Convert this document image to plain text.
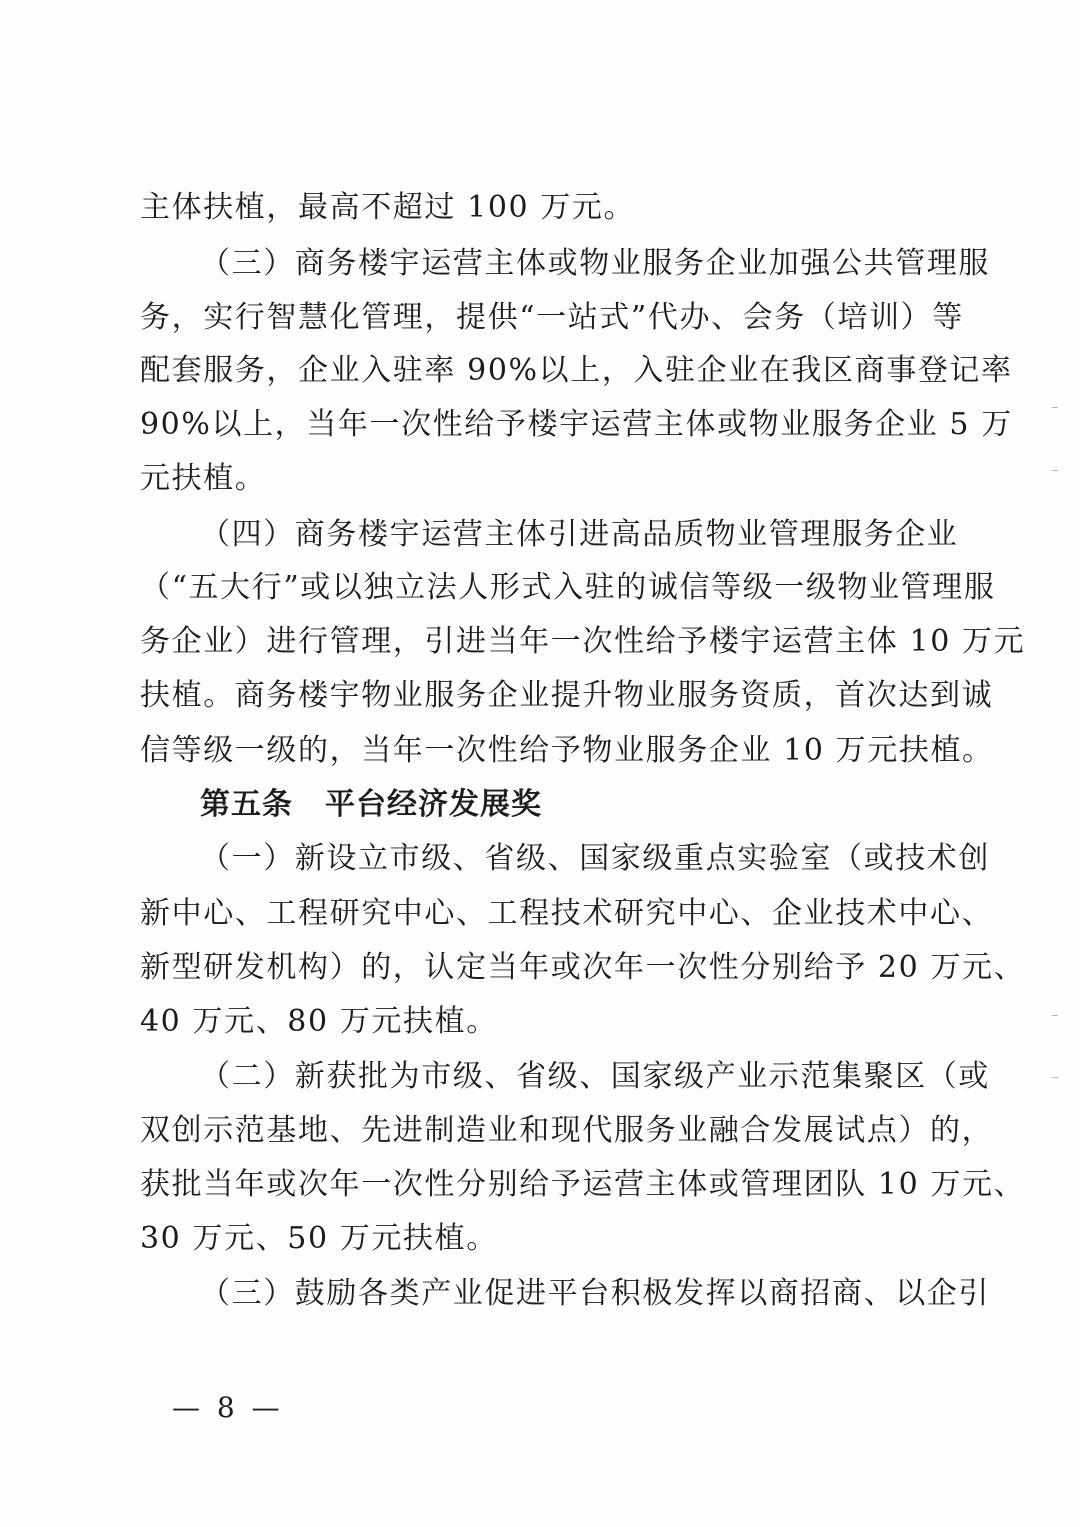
主体扶植，最高不超过 100 万元。
（三）商务楼宇运营主体或物业服务企业加强公共管理服
务，实行智慧化管理，提供“一站式”代办、会务（培训）等
配套服务，企业入驻率 90%以上，入驻企业在我区商事登记率
90%以上，当年一次性给予楼宇运营主体或物业服务企业 5 万
元扶植。
（四）商务楼宇运营主体引进高品质物业管理服务企业
（“五大行”或以独立法人形式入驻的诚信等级一级物业管理服
务企业）进行管理，引进当年一次性给予楼宇运营主体 10 万元
扶植。商务楼宇物业服务企业提升物业服务资质，首次达到诚
信等级一级的，当年一次性给予物业服务企业 10 万元扶植。
第五条 平台经济发展奖
（一）新设立市级、省级、国家级重点实验室（或技术创
新中心、工程研究中心、工程技术研究中心、企业技术中心、
新型研发机构）的，认定当年或次年一次性分别给予 20 万元、
40 万元、80 万元扶植。
（二）新获批为市级、省级、国家级产业示范集聚区（或
双创示范基地、先进制造业和现代服务业融合发展试点）的，
获批当年或次年一次性分别给予运营主体或管理团队 10 万元、
30 万元、50 万元扶植。
（三）鼓励各类产业促进平台积极发挥以商招商、以企引
— 8 —
